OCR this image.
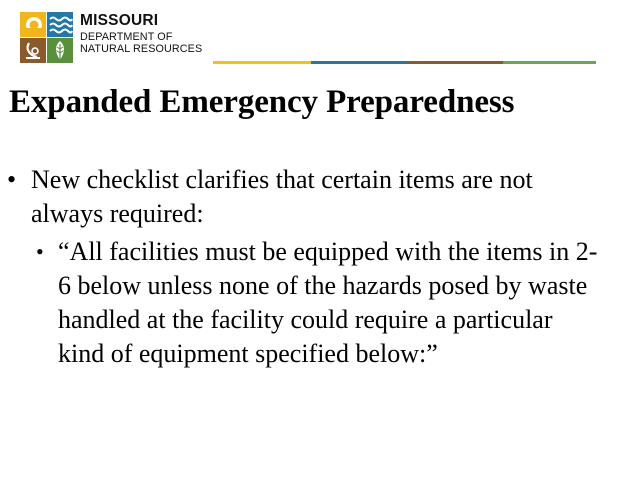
MISSOURI
DEPARTMENT OF
NATURAL RESOURCES
Expanded Emergency Preparedness
• New checklist clarifies that certain items are not always required:
• “All facilities must be equipped with the items in 2-6 below unless none of the hazards posed by waste handled at the facility could require a particular kind of equipment specified below:”
